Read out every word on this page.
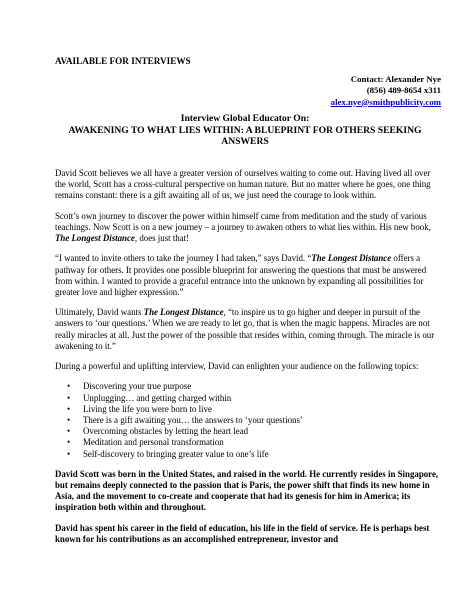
AVAILABLE FOR INTERVIEWS
Contact: Alexander Nye
(856) 489-8654 x311
alex.nye@smithpublicity.com
Interview Global Educator On:
AWAKENING TO WHAT LIES WITHIN: A BLUEPRINT FOR OTHERS SEEKING ANSWERS

David Scott believes we all have a greater version of ourselves waiting to come out. Having lived all over the world, Scott has a cross-cultural perspective on human nature. But no matter where he goes, one thing remains constant: there is a gift awaiting all of us, we just need the courage to look within.

Scott’s own journey to discover the power within himself came from meditation and the study of various teachings. Now Scott is on a new journey – a journey to awaken others to what lies within. His new book, The Longest Distance, does just that!

“I wanted to invite others to take the journey I had taken,” says David. “The Longest Distance offers a pathway for others. It provides one possible blueprint for answering the questions that must be answered from within. I wanted to provide a graceful entrance into the unknown by expanding all possibilities for greater love and higher expression.”

Ultimately, David wants The Longest Distance, “to inspire us to go higher and deeper in pursuit of the answers to ‘our questions.’ When we are ready to let go, that is when the magic happens. Miracles are not really miracles at all. Just the power of the possible that resides within, coming through. The miracle is our awakening to it.”

During a powerful and uplifting interview, David can enlighten your audience on the following topics:

• Discovering your true purpose
• Unplugging… and getting charged within
• Living the life you were born to live
• There is a gift awaiting you… the answers to ‘your questions’
• Overcoming obstacles by letting the heart lead
• Meditation and personal transformation
• Self-discovery to bringing greater value to one’s life

David Scott was born in the United States, and raised in the world. He currently resides in Singapore, but remains deeply connected to the passion that is Paris, the power shift that finds its new home in Asia, and the movement to co-create and cooperate that had its genesis for him in America; its inspiration both within and throughout.

David has spent his career in the field of education, his life in the field of service. He is perhaps best known for his contributions as an accomplished entrepreneur, investor and
